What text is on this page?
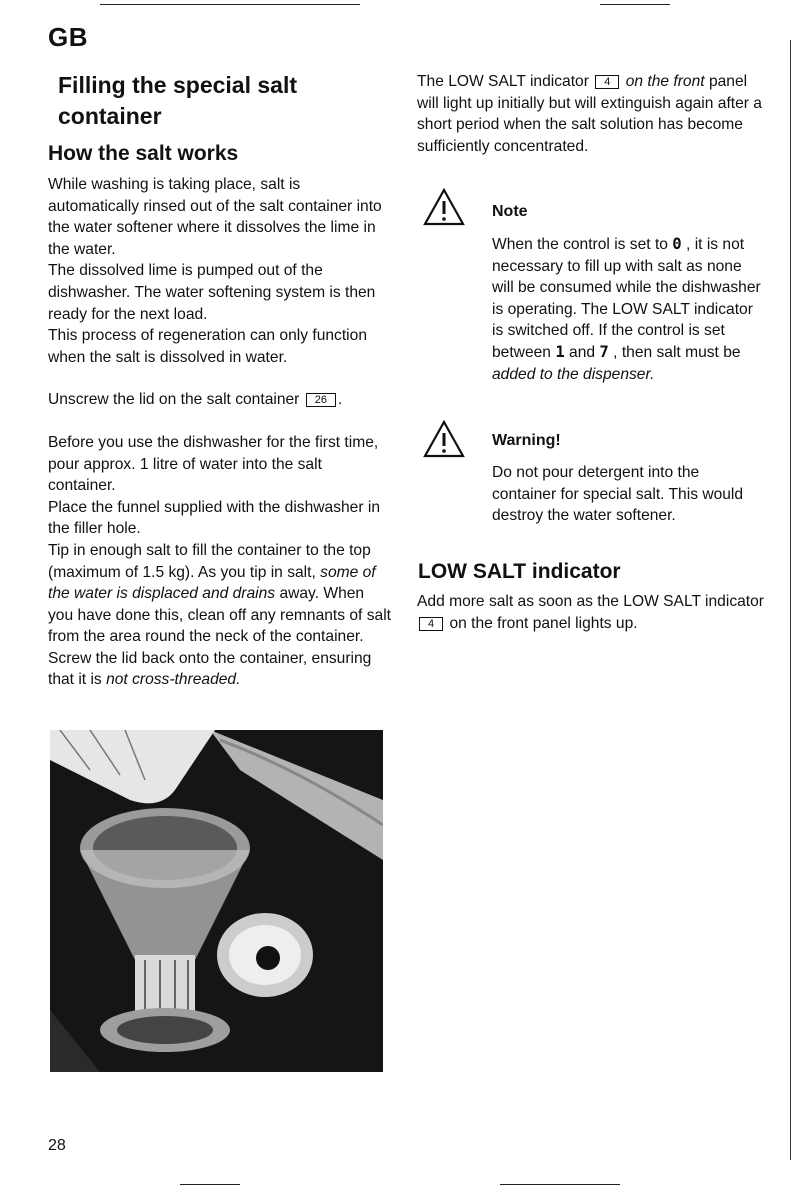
GB
Filling the special salt container
How the salt works

While washing is taking place, salt is automatically rinsed out of the salt container into the water softener where it dissolves the lime in the water.

The dissolved lime is pumped out of the dishwasher. The water softening system is then ready for the next load.

This process of regeneration can only function when the salt is dissolved in water.

Unscrew the lid on the salt container 26 .

Before you use the dishwasher for the first time, pour approx. 1 litre of water into the salt container.

Place the funnel supplied with the dishwasher in the filler hole.

Tip in enough salt to fill the container to the top (maximum of 1.5 kg). As you tip in salt, some of the water is displaced and drains away. When you have done this, clean off any remnants of salt from the area round the neck of the container. Screw the lid back onto the container, ensuring that it is not cross-threaded.

The LOW SALT indicator 4 on the front panel will light up initially but will extinguish again after a short period when the salt solution has become sufficiently concentrated.

Note

When the control is set to 0 , it is not necessary to fill up with salt as none will be consumed while the dishwasher is operating. The LOW SALT indicator is switched off. If the control is set between 1 and 7 , then salt must be added to the dispenser.

Warning!
Do not pour detergent into the container for special salt. This would destroy the water softener.
LOW SALT indicator

Add more salt as soon as the LOW SALT indicator 4 on the front panel lights up.

28
